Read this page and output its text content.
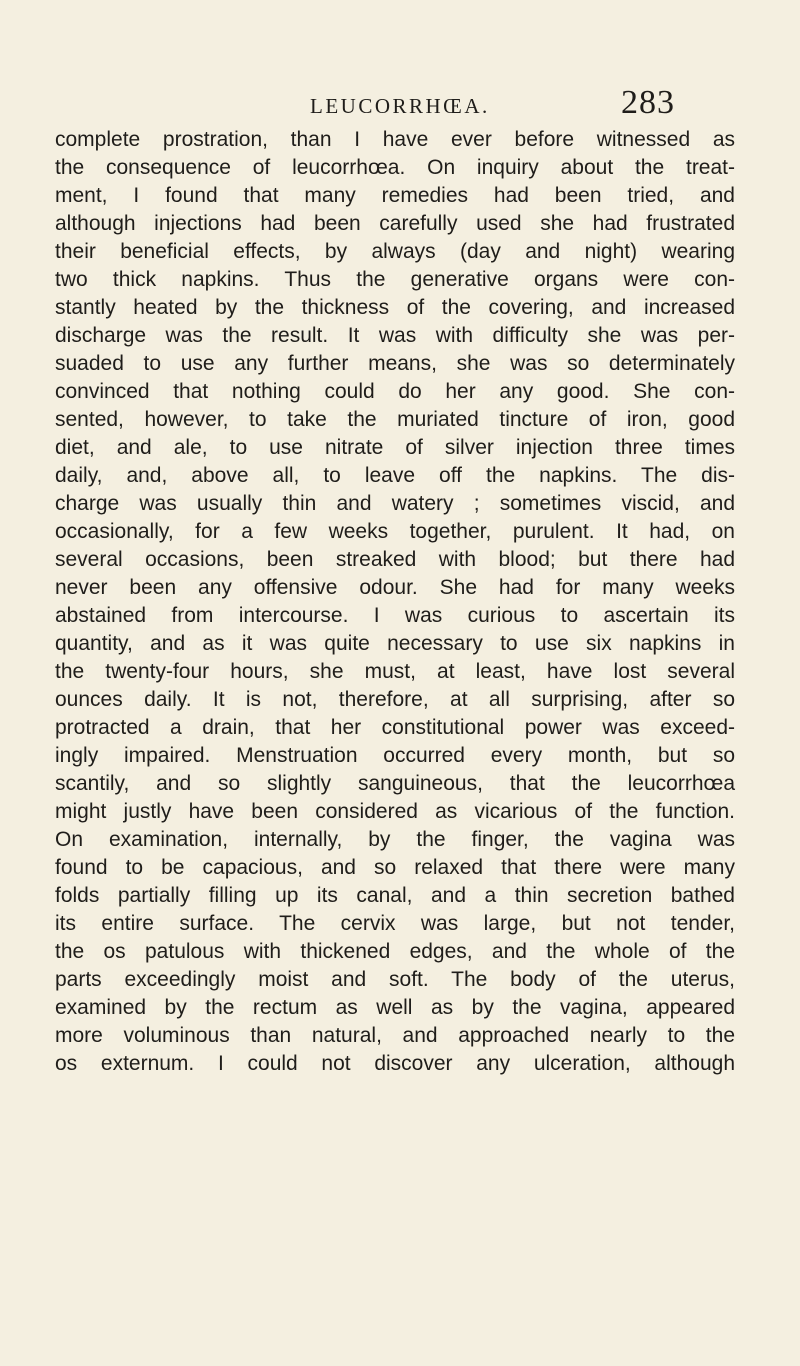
LEUCORRHŒA.	283
complete prostration, than I have ever before witnessed as
the consequence of leucorrhœa. On inquiry about the treat-
ment, I found that many remedies had been tried, and
although injections had been carefully used she had frustrated
their beneficial effects, by always (day and night) wearing
two thick napkins. Thus the generative organs were con-
stantly heated by the thickness of the covering, and increased
discharge was the result. It was with difficulty she was per-
suaded to use any further means, she was so determinately
convinced that nothing could do her any good. She con-
sented, however, to take the muriated tincture of iron, good
diet, and ale, to use nitrate of silver injection three times
daily, and, above all, to leave off the napkins. The dis-
charge was usually thin and watery ; sometimes viscid, and
occasionally, for a few weeks together, purulent. It had, on
several occasions, been streaked with blood; but there had
never been any offensive odour. She had for many weeks
abstained from intercourse. I was curious to ascertain its
quantity, and as it was quite necessary to use six napkins in
the twenty-four hours, she must, at least, have lost several
ounces daily. It is not, therefore, at all surprising, after so
protracted a drain, that her constitutional power was exceed-
ingly impaired. Menstruation occurred every month, but so
scantily, and so slightly sanguineous, that the leucorrhœa
might justly have been considered as vicarious of the function.
On examination, internally, by the finger, the vagina was
found to be capacious, and so relaxed that there were many
folds partially filling up its canal, and a thin secretion bathed
its entire surface. The cervix was large, but not tender,
the os patulous with thickened edges, and the whole of the
parts exceedingly moist and soft. The body of the uterus,
examined by the rectum as well as by the vagina, appeared
more voluminous than natural, and approached nearly to the
os externum. I could not discover any ulceration, although
